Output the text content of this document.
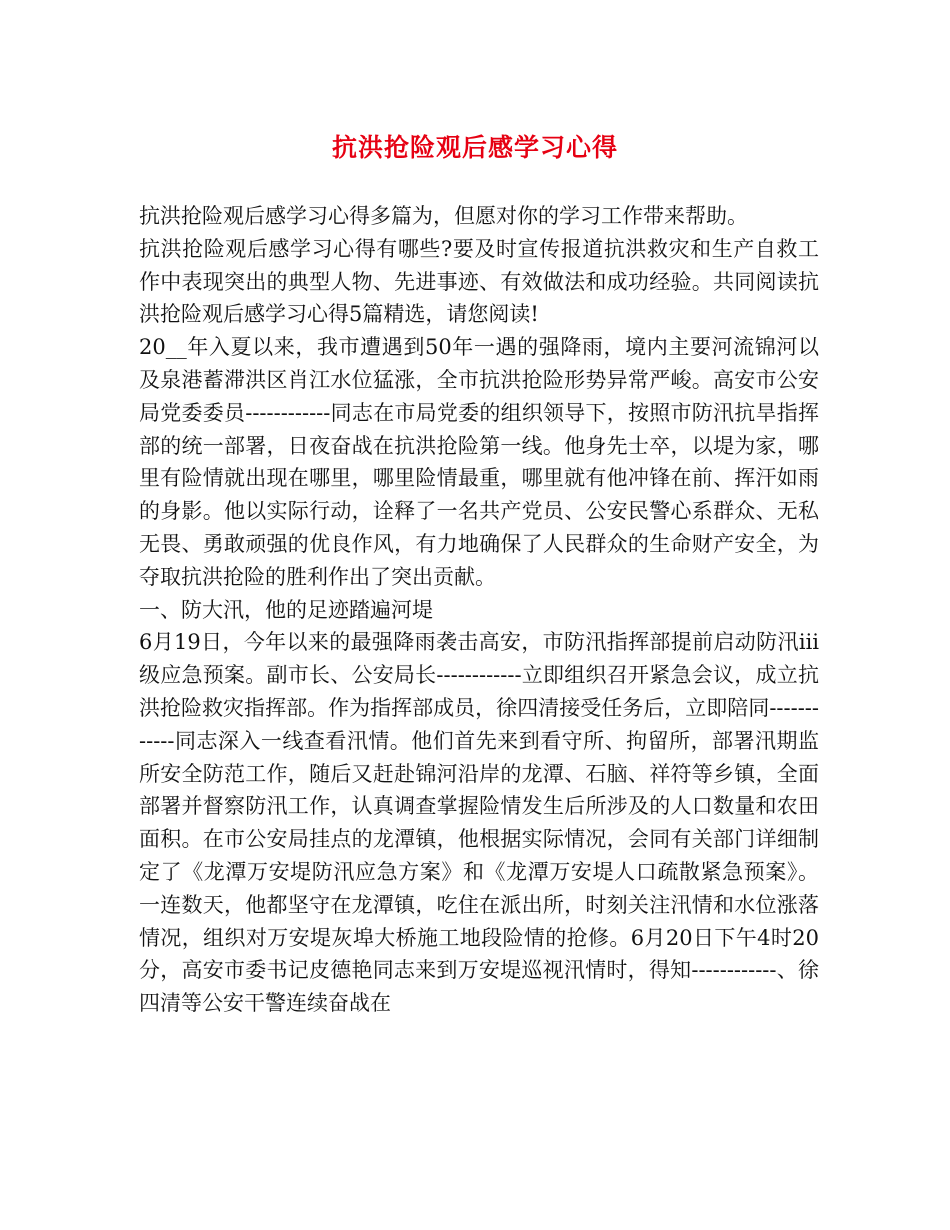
抗洪抢险观后感学习心得

抗洪抢险观后感学习心得多篇为，但愿对你的学习工作带来帮助。

抗洪抢险观后感学习心得有哪些?要及时宣传报道抗洪救灾和生产自救工作中表现突出的典型人物、先进事迹、有效做法和成功经验。共同阅读抗洪抢险观后感学习心得5篇精选，请您阅读!

20__年入夏以来，我市遭遇到50年一遇的强降雨，境内主要河流锦河以及泉港蓄滞洪区肖江水位猛涨，全市抗洪抢险形势异常严峻。高安市公安局党委委员------------同志在市局党委的组织领导下，按照市防汛抗旱指挥部的统一部署，日夜奋战在抗洪抢险第一线。他身先士卒，以堤为家，哪里有险情就出现在哪里，哪里险情最重，哪里就有他冲锋在前、挥汗如雨的身影。他以实际行动，诠释了一名共产党员、公安民警心系群众、无私无畏、勇敢顽强的优良作风，有力地确保了人民群众的生命财产安全，为夺取抗洪抢险的胜利作出了突出贡献。

一、防大汛，他的足迹踏遍河堤

6月19日，今年以来的最强降雨袭击高安，市防汛指挥部提前启动防汛ⅲ级应急预案。副市长、公安局长------------立即组织召开紧急会议，成立抗洪抢险救灾指挥部。作为指挥部成员，徐四清接受任务后，立即陪同------------同志深入一线查看汛情。他们首先来到看守所、拘留所，部署汛期监所安全防范工作，随后又赶赴锦河沿岸的龙潭、石脑、祥符等乡镇，全面部署并督察防汛工作，认真调查掌握险情发生后所涉及的人口数量和农田面积。在市公安局挂点的龙潭镇，他根据实际情况，会同有关部门详细制定了《龙潭万安堤防汛应急方案》和《龙潭万安堤人口疏散紧急预案》。一连数天，他都坚守在龙潭镇，吃住在派出所，时刻关注汛情和水位涨落情况，组织对万安堤灰埠大桥施工地段险情的抢修。6月20日下午4时20分，高安市委书记皮德艳同志来到万安堤巡视汛情时，得知------------、徐四清等公安干警连续奋战在
